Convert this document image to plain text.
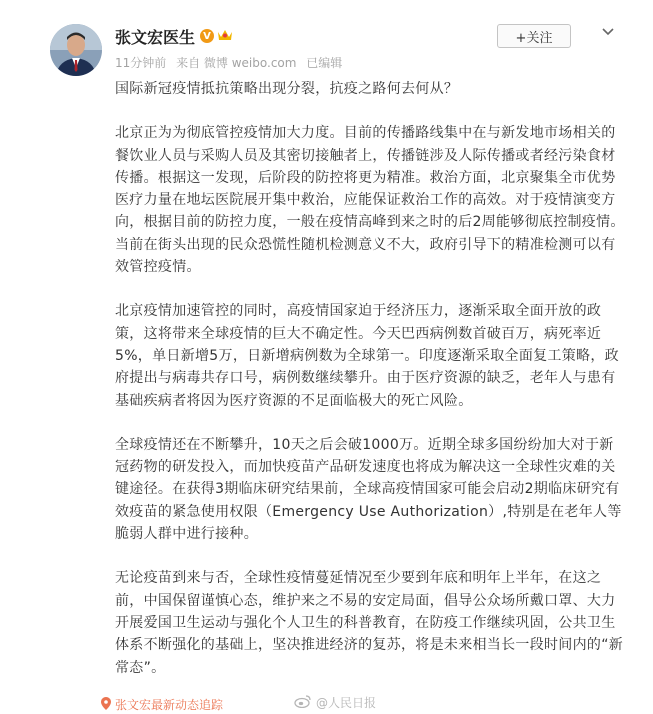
张文宏医生 V
11分钟前 来自 微博 weibo.com 已编辑
+关注

国际新冠疫情抵抗策略出现分裂，抗疫之路何去何从？

北京正为为彻底管控疫情加大力度。目前的传播路线集中在与新发地市场相关的餐饮业人员与采购人员及其密切接触者上，传播链涉及人际传播或者经污染食材传播。根据这一发现，后阶段的防控将更为精准。救治方面，北京聚集全市优势医疗力量在地坛医院展开集中救治，应能保证救治工作的高效。对于疫情演变方向，根据目前的防控力度，一般在疫情高峰到来之时的后2周能够彻底控制疫情。当前在街头出现的民众恐慌性随机检测意义不大，政府引导下的精准检测可以有效管控疫情。

北京疫情加速管控的同时，高疫情国家迫于经济压力，逐渐采取全面开放的政策，这将带来全球疫情的巨大不确定性。今天巴西病例数首破百万，病死率近5%，单日新增5万，日新增病例数为全球第一。印度逐渐采取全面复工策略，政府提出与病毒共存口号，病例数继续攀升。由于医疗资源的缺乏，老年人与患有基础疾病者将因为医疗资源的不足面临极大的死亡风险。

全球疫情还在不断攀升，10天之后会破1000万。近期全球多国纷纷加大对于新冠药物的研发投入，而加快疫苗产品研发速度也将成为解决这一全球性灾难的关键途径。在获得3期临床研究结果前，全球高疫情国家可能会启动2期临床研究有效疫苗的紧急使用权限（Emergency Use Authorization）,特别是在老年人等脆弱人群中进行接种。

无论疫苗到来与否，全球性疫情蔓延情况至少要到年底和明年上半年，在这之前，中国保留谨慎心态，维护来之不易的安定局面，倡导公众场所戴口罩、大力开展爱国卫生运动与强化个人卫生的科普教育，在防疫工作继续巩固，公共卫生体系不断强化的基础上，坚决推进经济的复苏，将是未来相当长一段时间内的“新常态”。

张文宏最新动态追踪	@人民日报
